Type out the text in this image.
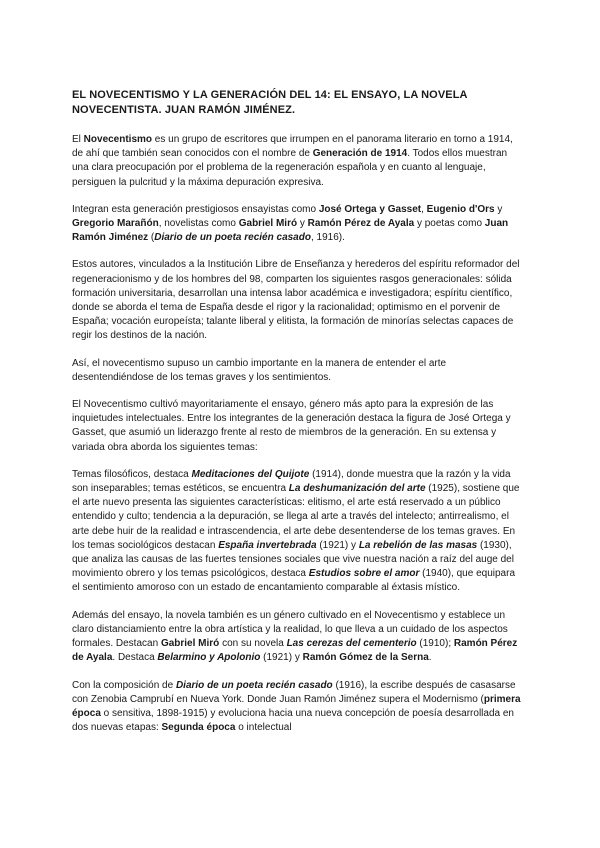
EL NOVECENTISMO Y LA GENERACIÓN DEL 14: EL ENSAYO, LA NOVELA NOVECENTISTA. JUAN RAMÓN JIMÉNEZ.

El Novecentismo es un grupo de escritores que irrumpen en el panorama literario en torno a 1914, de ahí que también sean conocidos con el nombre de Generación de 1914. Todos ellos muestran una clara preocupación por el problema de la regeneración española y en cuanto al lenguaje, persiguen la pulcritud y la máxima depuración expresiva.

Integran esta generación prestigiosos ensayistas como José Ortega y Gasset, Eugenio d'Ors y Gregorio Marañón, novelistas como Gabriel Miró y Ramón Pérez de Ayala y poetas como Juan Ramón Jiménez (Diario de un poeta recién casado, 1916).

Estos autores, vinculados a la Institución Libre de Enseñanza y herederos del espíritu reformador del regeneracionismo y de los hombres del 98, comparten los siguientes rasgos generacionales: sólida formación universitaria, desarrollan una intensa labor académica e investigadora; espíritu científico, donde se aborda el tema de España desde el rigor y la racionalidad; optimismo en el porvenir de España; vocación europeísta; talante liberal y elitista, la formación de minorías selectas capaces de regir los destinos de la nación.

Así, el novecentismo supuso un cambio importante en la manera de entender el arte desentendiéndose de los temas graves y los sentimientos.

El Novecentismo cultivó mayoritariamente el ensayo, género más apto para la expresión de las inquietudes intelectuales. Entre los integrantes de la generación destaca la figura de José Ortega y Gasset, que asumió un liderazgo frente al resto de miembros de la generación. En su extensa y variada obra aborda los siguientes temas:

Temas filosóficos, destaca Meditaciones del Quijote (1914), donde muestra que la razón y la vida son inseparables; temas estéticos, se encuentra La deshumanización del arte (1925), sostiene que el arte nuevo presenta las siguientes características: elitismo, el arte está reservado a un público entendido y culto; tendencia a la depuración, se llega al arte a través del intelecto; antirrealismo, el arte debe huir de la realidad e intrascendencia, el arte debe desentenderse de los temas graves. En los temas sociológicos destacan España invertebrada (1921) y La rebelión de las masas (1930), que analiza las causas de las fuertes tensiones sociales que vive nuestra nación a raíz del auge del movimiento obrero y los temas psicológicos, destaca Estudios sobre el amor (1940), que equipara el sentimiento amoroso con un estado de encantamiento comparable al éxtasis místico.

Además del ensayo, la novela también es un género cultivado en el Novecentismo y establece un claro distanciamiento entre la obra artística y la realidad, lo que lleva a un cuidado de los aspectos formales. Destacan Gabriel Miró con su novela Las cerezas del cementerio (1910); Ramón Pérez de Ayala. Destaca Belarmino y Apolonio (1921) y Ramón Gómez de la Serna.

Con la composición de Diario de un poeta recién casado (1916), la escribe después de casasarse con Zenobia Camprubí en Nueva York. Donde Juan Ramón Jiménez supera el Modernismo (primera época o sensitiva, 1898-1915) y evoluciona hacia una nueva concepción de poesía desarrollada en dos nuevas etapas: Segunda época o intelectual
